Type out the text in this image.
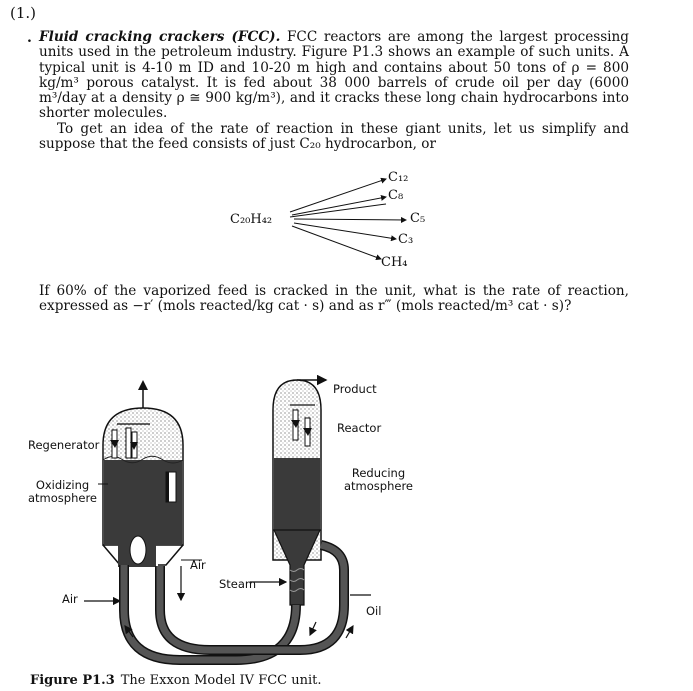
(1.)
. Fluid cracking crackers (FCC). FCC reactors are among the largest processing units used in the petroleum industry. Figure P1.3 shows an example of such units. A typical unit is 4-10 m ID and 10-20 m high and contains about 50 tons of ρ = 800 kg/m³ porous catalyst. It is fed about 38 000 barrels of crude oil per day (6000 m³/day at a density ρ ≅ 900 kg/m³), and it cracks these long chain hydrocarbons into shorter molecules.

To get an idea of the rate of reaction in these giant units, let us simplify and suppose that the feed consists of just C₂₀ hydrocarbon, or

C₂₀H₄₂
C₁₂
C₈
C₅
C₃
CH₄
If 60% of the vaporized feed is cracked in the unit, what is the rate of reaction, expressed as −r′ (mols reacted/kg cat · s) and as r‴ (mols reacted/m³ cat · s)?
Product
Reactor
Regenerator
Reducing
atmosphere
Oxidizing
atmosphere
Air
Steam
Air
Oil
Figure P1.3 The Exxon Model IV FCC unit.
